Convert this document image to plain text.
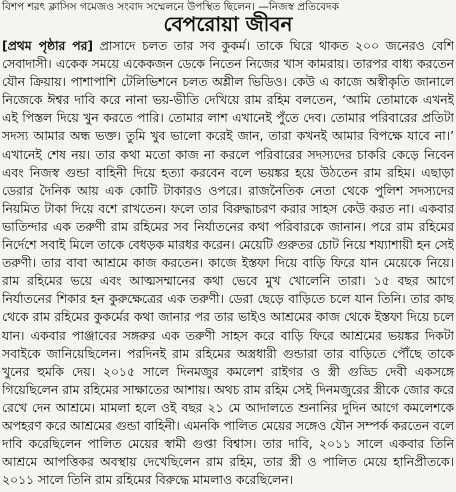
বিশপ শরৎ ক্লাসিস গমেজও সংবাদ সম্মেলনে উপস্থিত ছিলেন। —নিজস্ব প্রতিবেদক
বেপরোয়া জীবন
[প্রথম পৃষ্ঠার পর] প্রাসাদে চলত তার সব কুকর্ম। তাকে ঘিরে থাকত ২০০ জনেরও বেশি সেবাদাসী। একেক সময়ে একেকজন ডেকে নিতেন নিজের খাস কামরায়। তারপর বাধ্য করতেন যৌন ক্রিয়ায়। পাশাপাশি টেলিভিশনে চলত অশ্লীল ভিডিও। কেউ এ কাজে অস্বীকৃতি জানালে নিজেকে ঈশ্বর দাবি করে নানা ভয়-ভীতি দেখিয়ে রাম রহিম বলতেন, ‘আমি তোমাকে এখনই এই পিস্তল দিয়ে খুন করতে পারি। তোমার লাশ এখানেই পুঁতে দেব। তোমার পরিবারের প্রতিটা সদস্য আমার অন্ধ ভক্ত। তুমি খুব ভালো করেই জান, তারা কখনই আমার বিপক্ষে যাবে না।’ এখানেই শেষ নয়। তার কথা মতো কাজ না করলে পরিবারের সদস্যদের চাকরি কেড়ে নিবেন এবং নিজস্ব গুন্ডা বাহিনী দিয়ে হত্যা করবেন বলে ভয়ঙ্কর হয়ে উঠতেন রাম রহিম। এছাড়া ডেরার দৈনিক আয় এক কোটি টাকারও ওপরে। রাজনৈতিক নেতা থেকে পুলিশ সদস্যদের নিয়মিত টাকা দিয়ে বশে রাখতেন। ফলে তার বিরুদ্ধাচরণ করার সাহস কেউ করত না। একবার ভাতিন্দার এক তরুণী রাম রহিমের সব নির্যাতনের কথা পরিবারকে জানান। পরে রাম রহিমের নির্দেশে সবাই মিলে তাকে বেধড়ক মারধর করেন। মেয়েটি গুরুতর চোট নিয়ে শয্যাশায়ী হন সেই তরুণী। তার বাবা আশ্রমে কাজ করতেন। কাজে ইস্তফা দিয়ে বাড়ি ফিরে যান মেয়েকে নিয়ে। রাম রহিমের ভয়ে এবং আত্মসম্মানের কথা ভেবে মুখ খোলেনি তারা। ১৫ বছর আগে নির্যাতনের শিকার হন কুরুক্ষেত্রের এক তরুণী। ডেরা ছেড়ে বাড়িতে চলে যান তিনি। তার কাছ থেকে রাম রহিমের কুকর্মের কথা জানার পর তার ভাইও আশ্রমের কাজ থেকে ইস্তফা দিয়ে চলে যান। একবার পাঞ্জাবের সঙ্গরুর এক তরুণী সাহস করে বাড়ি ফিরে আশ্রমের ভয়ঙ্কর দিকটা সবাইকে জানিয়েছিলেন। পরদিনই রাম রহিমের অস্ত্রধারী গুন্ডারা তার বাড়িতে পৌঁছে তাকে খুনের হুমকি দেয়। ২০১৫ সালে দিনমজুর কমলেশ রাইগর ও স্ত্রী গুড্ডি দেবী একসঙ্গে গিয়েছিলেন রাম রহিমের সাক্ষাতের আশায়। অথচ রাম রহিম সেই দিনমজুরের স্ত্রীকে জোর করে রেখে দেন আশ্রমে। মামলা হলে ওই বছর ২১ মে আদালতে শুনানির দুদিন আগে কমলেশকে অপহরণ করে আশ্রমের গুন্ডা বাহিনী। এমনকি পালিত মেয়ের সঙ্গেও যৌন সম্পর্ক করতেন বলে দাবি করেছিলেন পালিত মেয়ের স্বামী গুপ্তা বিশ্বাস। তার দাবি, ২০১১ সালে একবার তিনি আশ্রমে আপত্তিকর অবস্থায় দেখেছিলেন রাম রহিম, তার স্ত্রী ও পালিত মেয়ে হানিপ্রীতকে। ২০১১ সালে তিনি রাম রহিমের বিরুদ্ধে মামলাও করেছিলেন।
